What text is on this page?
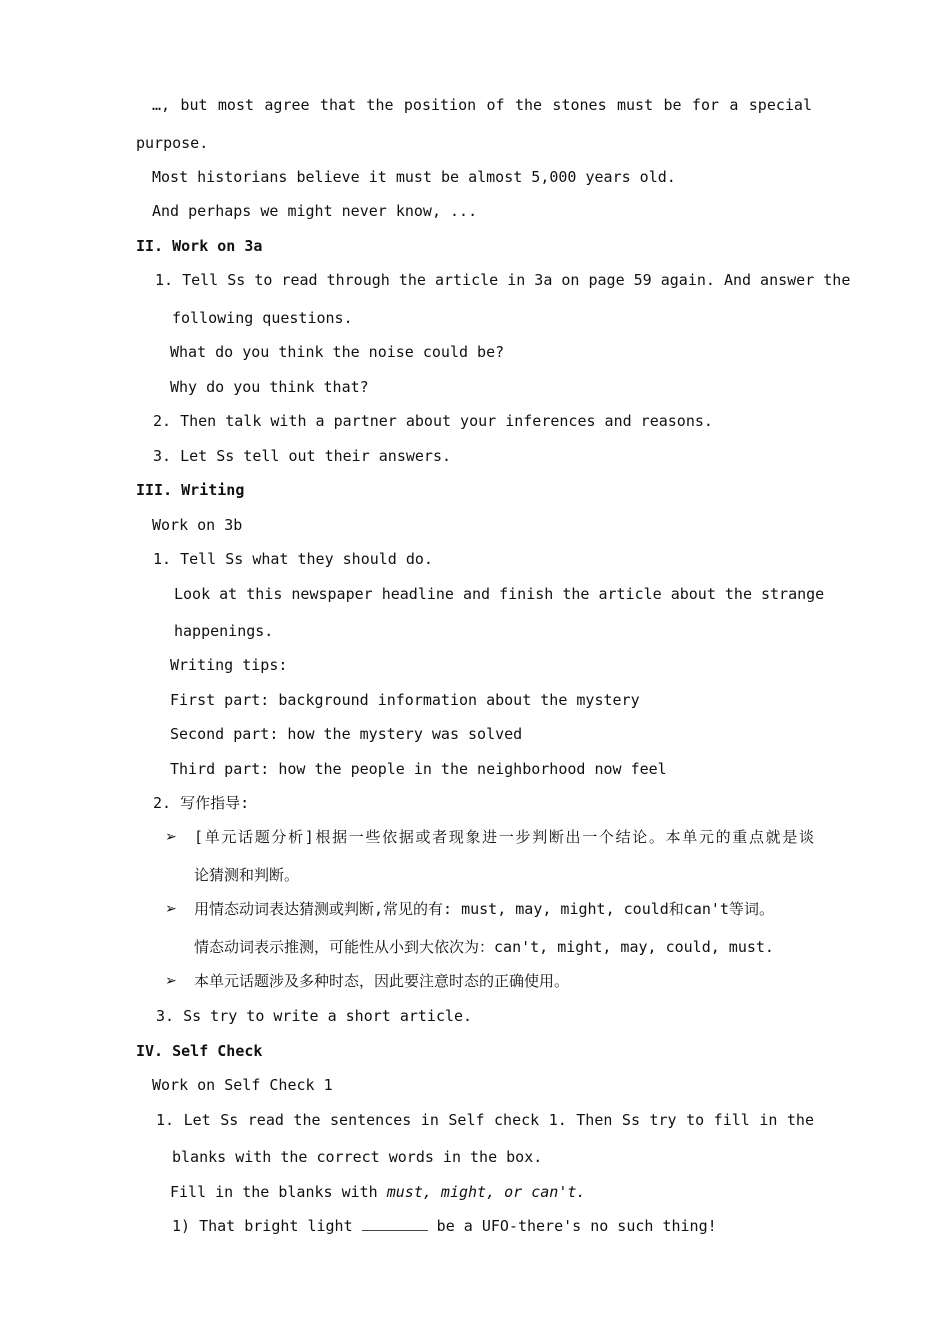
…, but most agree that the position of the stones must be for a special
purpose.
Most historians believe it must be almost 5,000 years old.
And perhaps we might never know, ...
II. Work on 3a
1. Tell Ss to read through the article in 3a on page 59 again. And answer the
following questions.
What do you think the noise could be?
Why do you think that?
2. Then talk with a partner about your inferences and reasons.
3. Let Ss tell out their answers.
III. Writing
Work on 3b
1. Tell Ss what they should do.
Look at this newspaper headline and finish the article about the strange
happenings.
Writing tips:
First part: background information about the mystery
Second part: how the mystery was solved
Third part: how the people in the neighborhood now feel
2. 写作指导:
➢ [单元话题分析]根据一些依据或者现象进一步判断出一个结论。本单元的重点就是谈
论猜测和判断。
➢ 用情态动词表达猜测或判断,常见的有: must, may, might, could和can't等词。
情态动词表示推测，可能性从小到大依次为：can't, might, may, could, must.
➢ 本单元话题涉及多种时态，因此要注意时态的正确使用。
3. Ss try to write a short article.
IV. Self Check
Work on Self Check 1
1. Let Ss read the sentences in Self check 1. Then Ss try to fill in the
blanks with the correct words in the box.
Fill in the blanks with must, might, or can't.
1) That bright light	be a UFO-there's no such thing!
